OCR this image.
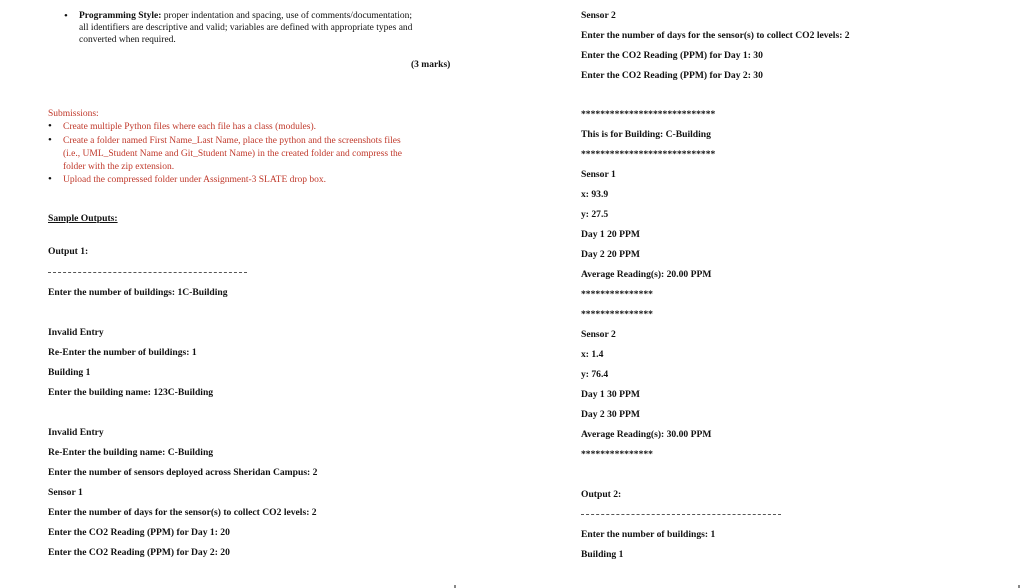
• Programming Style: proper indentation and spacing, use of comments/documentation;
all identifiers are descriptive and valid; variables are defined with appropriate types and
converted when required.
(3 marks)
Submissions:
• Create multiple Python files where each file has a class (modules).
• Create a folder named First Name_Last Name, place the python and the screenshots files
(i.e., UML_Student Name and Git_Student Name) in the created folder and compress the
folder with the zip extension.
• Upload the compressed folder under Assignment-3 SLATE drop box.
Sample Outputs:
Output 1:
Enter the number of buildings: 1C-Building
Invalid Entry
Re-Enter the number of buildings: 1
Building 1
Enter the building name: 123C-Building
Invalid Entry
Re-Enter the building name: C-Building
Enter the number of sensors deployed across Sheridan Campus: 2
Sensor 1
Enter the number of days for the sensor(s) to collect CO2 levels: 2
Enter the CO2 Reading (PPM) for Day 1: 20
Enter the CO2 Reading (PPM) for Day 2: 20
Sensor 2
Enter the number of days for the sensor(s) to collect CO2 levels: 2
Enter the CO2 Reading (PPM) for Day 1: 30
Enter the CO2 Reading (PPM) for Day 2: 30
****************************
This is for Building: C-Building
****************************
Sensor 1
x: 93.9
y: 27.5
Day 1 20 PPM
Day 2 20 PPM
Average Reading(s): 20.00 PPM
***************
***************
Sensor 2
x: 1.4
y: 76.4
Day 1 30 PPM
Day 2 30 PPM
Average Reading(s): 30.00 PPM
***************
Output 2:
Enter the number of buildings: 1
Building 1
